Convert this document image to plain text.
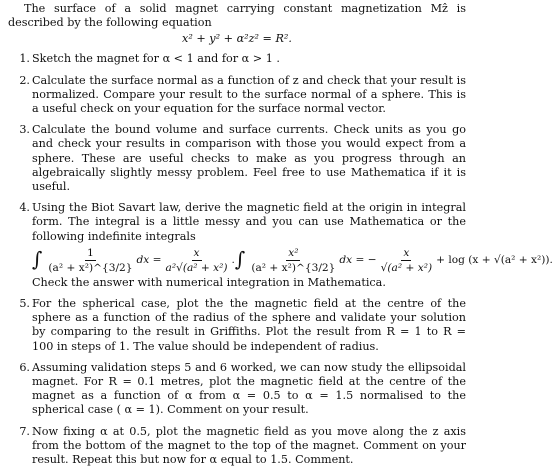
The surface of a solid magnet carrying constant magnetization Mẑ is described by the following equation

x² + y² + α²z² = R².
1. Sketch the magnet for α < 1 and for α > 1 .
2. Calculate the surface normal as a function of z and check that your result is normalized. Compare your result to the surface normal of a sphere. This is a useful check on your equation for the surface normal vector.
3. Calculate the bound volume and surface currents. Check units as you go and check your results in comparison with those you would expect from a sphere. These are useful checks to make as you progress through an algebraically slightly messy problem. Feel free to use Mathematica if it is useful.
4. Using the Biot Savart law, derive the magnetic field at the origin in integral form. The integral is a little messy and you can use Mathematica or the following indefinite integrals
∫ $\frac{1}{\text{(a² + x²)\textasciicircum{}\{3/2\}}}$ dx
= $\frac{x}{\text{a²√(a² + x²)}}$ . ∫ $\frac{\text{x²}}{\text{(a² + x²)\textasciicircum{}\{3/2\}}}$ dx
= − $\frac{x}{\text{√(a² + x²)}} + \log (x + √(a^2 + x^2))$ .
Check the answer with numerical integration in Mathematica.
5. For the spherical case, plot the the magnetic field at the centre of the sphere as a function of the radius of the sphere and validate your solution by comparing to the result in Griffiths. Plot the result from R = 1 to R = 100 in steps of 1. The value should be independent of radius.
6. Assuming validation steps 5 and 6 worked, we can now study the ellipsoidal magnet. For R = 0.1 metres, plot the magnetic field at the centre of the magnet as a function of α from α = 0.5 to α = 1.5 normalised to the spherical case ( α = 1). Comment on your result.
7. Now fixing α at 0.5, plot the magnetic field as you move along the z axis from the bottom of the magnet to the top of the magnet. Comment on your result. Repeat this but now for α equal to 1.5. Comment.
